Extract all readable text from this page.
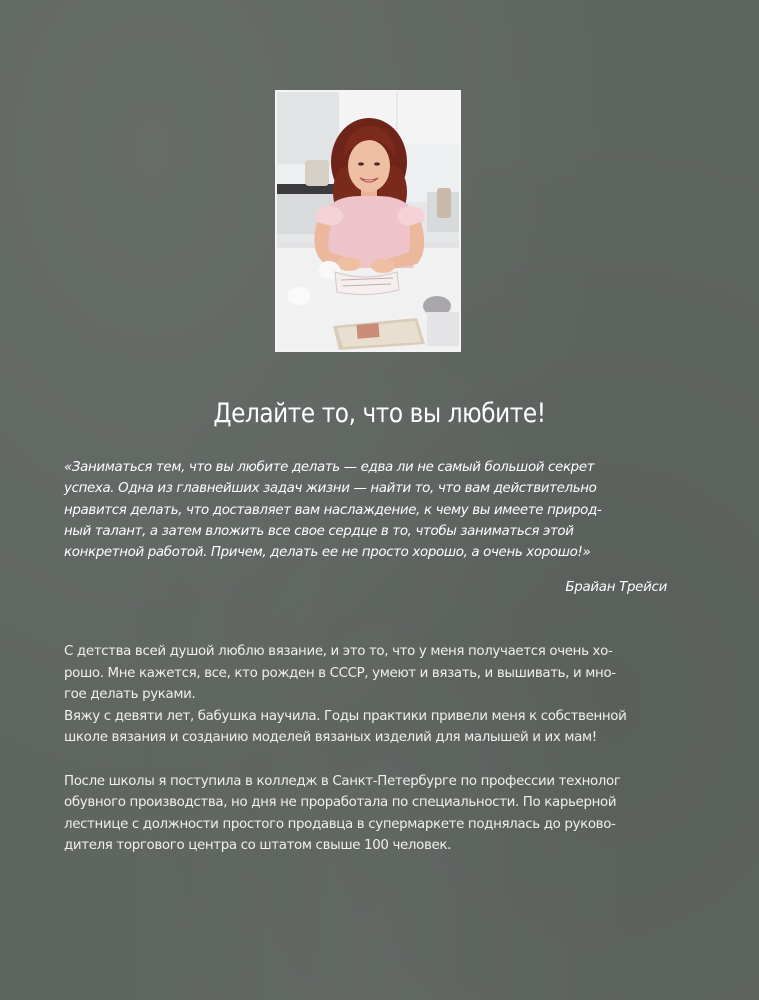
Делайте то, что вы любите!

«Заниматься тем, что вы любите делать — едва ли не самый большой секрет
успеха. Одна из главнейших задач жизни — найти то, что вам действительно
нравится делать, что доставляет вам наслаждение, к чему вы имеете природ-
ный талант, а затем вложить все свое сердце в то, чтобы заниматься этой
конкретной работой. Причем, делать ее не просто хорошо, а очень хорошо!»

Брайан Трейси

С детства всей душой люблю вязание, и это то, что у меня получается очень хо-
рошо. Мне кажется, все, кто рожден в СССР, умеют и вязать, и вышивать, и мно-
гое делать руками.
Вяжу с девяти лет, бабушка научила. Годы практики привели меня к собственной
школе вязания и созданию моделей вязаных изделий для малышей и их мам!
После школы я поступила в колледж в Санкт-Петербурге по профессии технолог
обувного производства, но дня не проработала по специальности. По карьерной
лестнице с должности простого продавца в супермаркете поднялась до руково-
дителя торгового центра со штатом свыше 100 человек.
